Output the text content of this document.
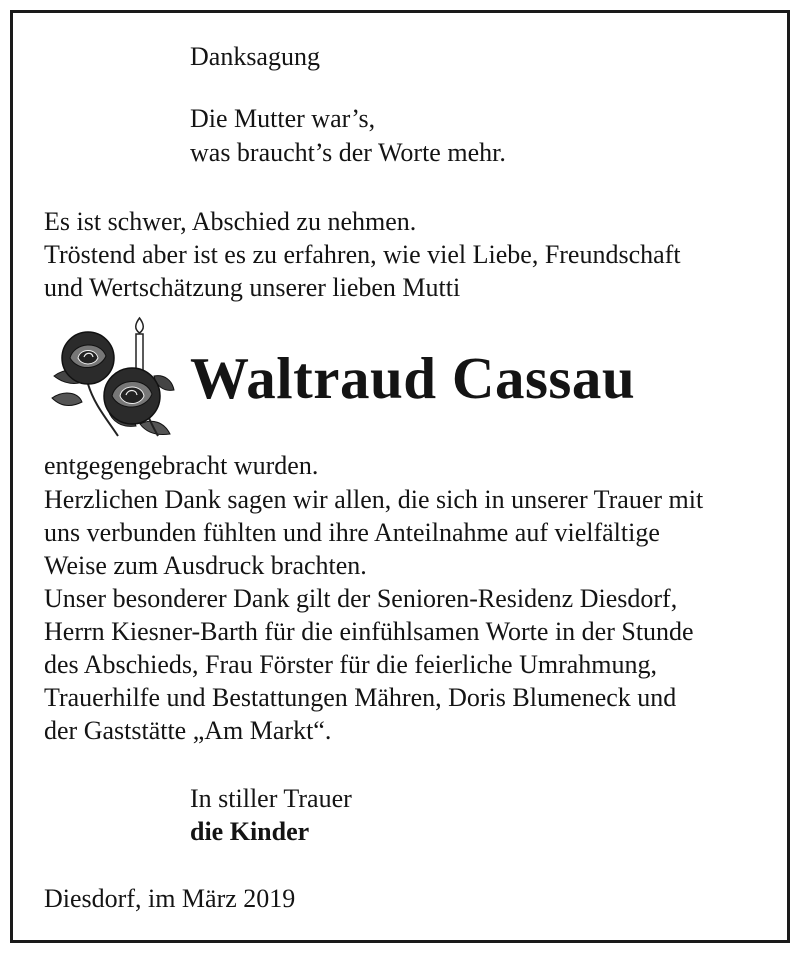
Danksagung
Die Mutter war’s,
was braucht’s der Worte mehr.
Es ist schwer, Abschied zu nehmen.
Tröstend aber ist es zu erfahren, wie viel Liebe, Freundschaft
und Wertschätzung unserer lieben Mutti
Waltraud Cassau
entgegengebracht wurden.
Herzlichen Dank sagen wir allen, die sich in unserer Trauer mit
uns verbunden fühlten und ihre Anteilnahme auf vielfältige
Weise zum Ausdruck brachten.
Unser besonderer Dank gilt der Senioren-Residenz Diesdorf,
Herrn Kiesner-Barth für die einfühlsamen Worte in der Stunde
des Abschieds, Frau Förster für die feierliche Umrahmung,
Trauerhilfe und Bestattungen Mähren, Doris Blumeneck und
der Gaststätte „Am Markt“.
In stiller Trauer
die Kinder
Diesdorf, im März 2019
